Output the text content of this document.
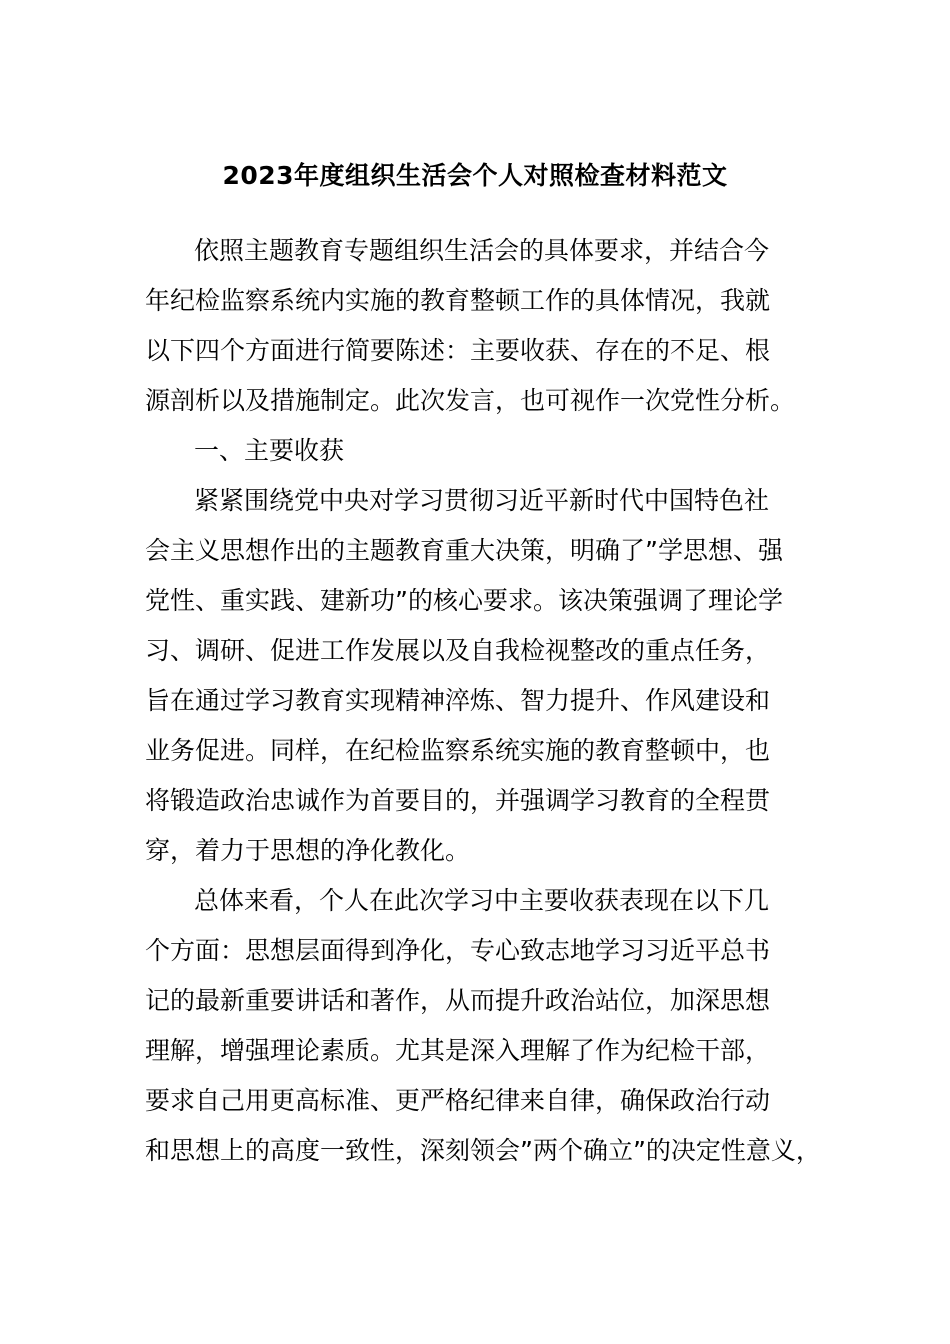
2023年度组织生活会个人对照检查材料范文
依照主题教育专题组织生活会的具体要求，并结合今
年纪检监察系统内实施的教育整顿工作的具体情况，我就
以下四个方面进行简要陈述：主要收获、存在的不足、根
源剖析以及措施制定。此次发言，也可视作一次党性分析。
一、主要收获
紧紧围绕党中央对学习贯彻习近平新时代中国特色社
会主义思想作出的主题教育重大决策，明确了”学思想、强
党性、重实践、建新功”的核心要求。该决策强调了理论学
习、调研、促进工作发展以及自我检视整改的重点任务，
旨在通过学习教育实现精神淬炼、智力提升、作风建设和
业务促进。同样，在纪检监察系统实施的教育整顿中，也
将锻造政治忠诚作为首要目的，并强调学习教育的全程贯
穿，着力于思想的净化教化。
总体来看，个人在此次学习中主要收获表现在以下几
个方面：思想层面得到净化，专心致志地学习习近平总书
记的最新重要讲话和著作，从而提升政治站位，加深思想
理解，增强理论素质。尤其是深入理解了作为纪检干部，
要求自己用更高标准、更严格纪律来自律，确保政治行动
和思想上的高度一致性，深刻领会”两个确立”的决定性意义，
